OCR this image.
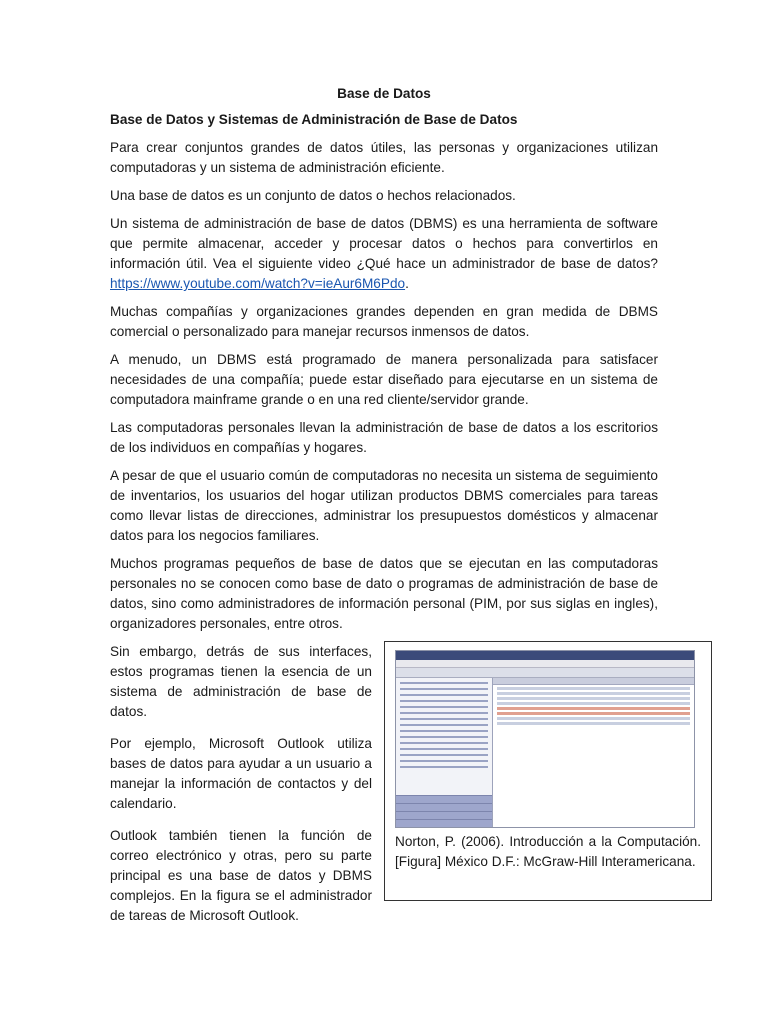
Base de Datos
Base de Datos y Sistemas de Administración de Base de Datos

Para crear conjuntos grandes de datos útiles, las personas y organizaciones utilizan computadoras y un sistema de administración eficiente.

Una base de datos es un conjunto de datos o hechos relacionados.

Un sistema de administración de base de datos (DBMS) es una herramienta de software que permite almacenar, acceder y procesar datos o hechos para convertirlos en información útil. Vea el siguiente video ¿Qué hace un administrador de base de datos? https://www.youtube.com/watch?v=ieAur6M6Pdo.

Muchas compañías y organizaciones grandes dependen en gran medida de DBMS comercial o personalizado para manejar recursos inmensos de datos.

A menudo, un DBMS está programado de manera personalizada para satisfacer necesidades de una compañía; puede estar diseñado para ejecutarse en un sistema de computadora mainframe grande o en una red cliente/servidor grande.

Las computadoras personales llevan la administración de base de datos a los escritorios de los individuos en compañías y hogares.

A pesar de que el usuario común de computadoras no necesita un sistema de seguimiento de inventarios, los usuarios del hogar utilizan productos DBMS comerciales para tareas como llevar listas de direcciones, administrar los presupuestos domésticos y almacenar datos para los negocios familiares.

Muchos programas pequeños de base de datos que se ejecutan en las computadoras personales no se conocen como base de dato o programas de administración de base de datos, sino como administradores de información personal (PIM, por sus siglas en ingles), organizadores personales, entre otros.

Sin embargo, detrás de sus interfaces, estos programas tienen la esencia de un sistema de administración de base de datos.

Por ejemplo, Microsoft Outlook utiliza bases de datos para ayudar a un usuario a manejar la información de contactos y del calendario.

Outlook también tienen la función de correo electrónico y otras, pero su parte principal es una base de datos y DBMS complejos. En la figura se el administrador de tareas de Microsoft Outlook.

Norton, P. (2006). Introducción a la Computación. [Figura] México D.F.: McGraw-Hill Interamericana.
